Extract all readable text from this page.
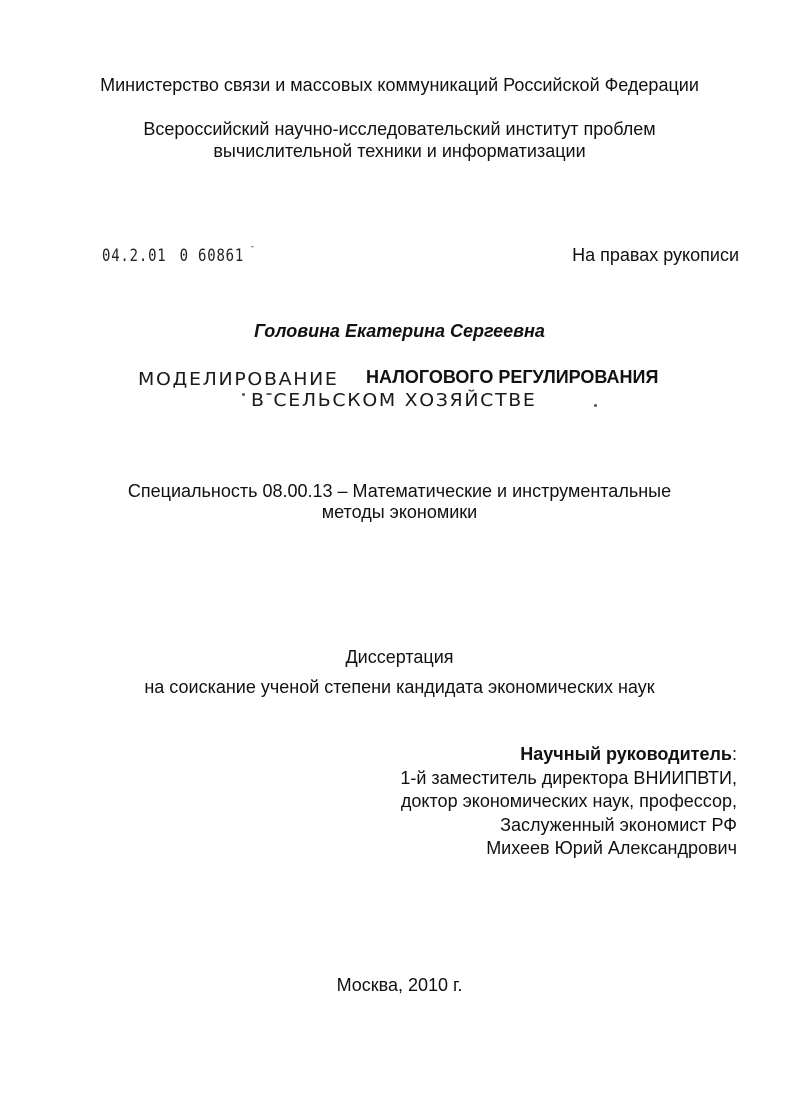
Министерство связи и массовых коммуникаций Российской Федерации
Всероссийский научно-исследовательский институт проблем
вычислительной техники и информатизации
04.2.01 0 60861 $^ˉ$	На правах рукописи
Головина Екатерина Сергеевна
МОДЕЛИРОВАНИЕ НАЛОГОВОГО РЕГУЛИРОВАНИЯ
В СЕЛЬСКОМ ХОЗЯЙСТВЕ
Специальность 08.00.13 – Математические и инструментальные
методы экономики
Диссертация
на соискание ученой степени кандидата экономических наук
Научный руководитель:
1-й заместитель директора ВНИИПВТИ,
доктор экономических наук, профессор,
Заслуженный экономист РФ
Михеев Юрий Александрович
Москва, 2010 г.
